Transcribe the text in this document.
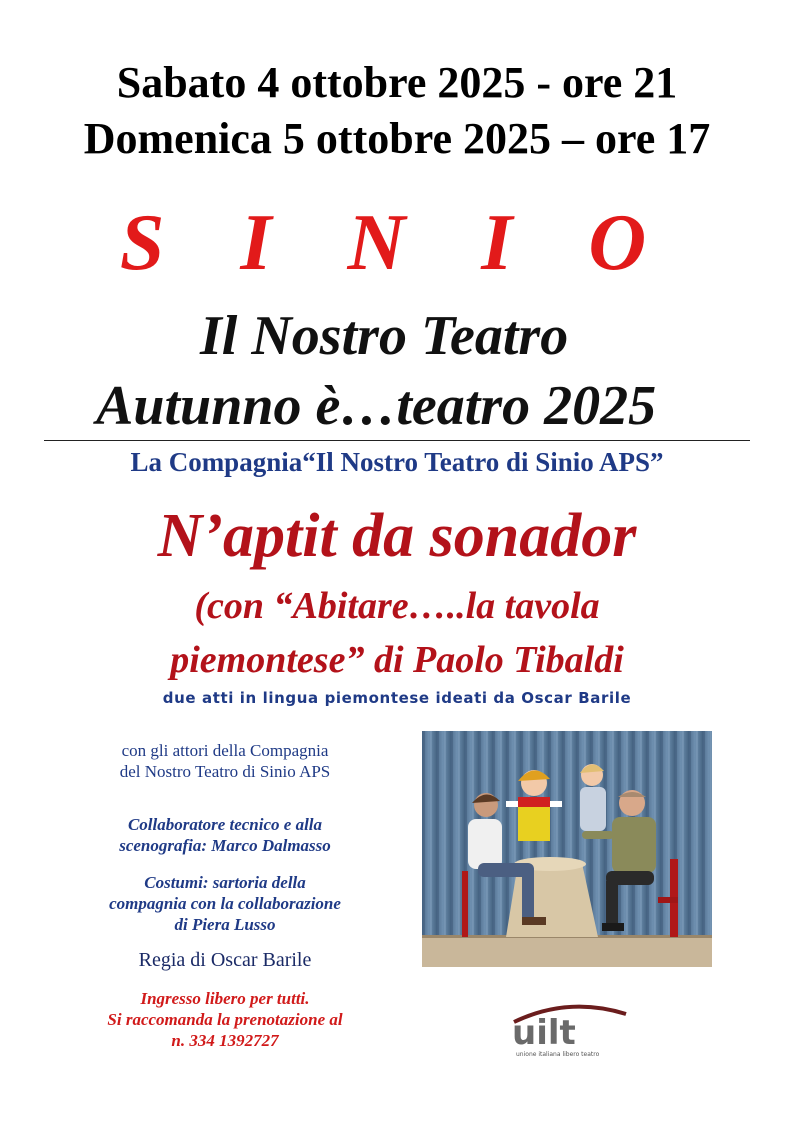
Sabato 4 ottobre 2025 - ore 21
Domenica 5 ottobre 2025 – ore 17
S I N I O
Il Nostro Teatro
Autunno è…teatro 2025
La Compagnia“Il Nostro Teatro di Sinio APS”
N’aptit da sonador
(con “Abitare…..la tavola
piemontese” di Paolo Tibaldi
due atti in lingua piemontese ideati da Oscar Barile
con gli attori della Compagnia
del Nostro Teatro di Sinio APS
Collaboratore tecnico e alla
scenografia: Marco Dalmasso
Costumi: sartoria della
compagnia con la collaborazione
di Piera Lusso
Regia di Oscar Barile
Ingresso libero per tutti.
Si raccomanda la prenotazione al
n. 334 1392727	uilt
unione italiana libero teatro
